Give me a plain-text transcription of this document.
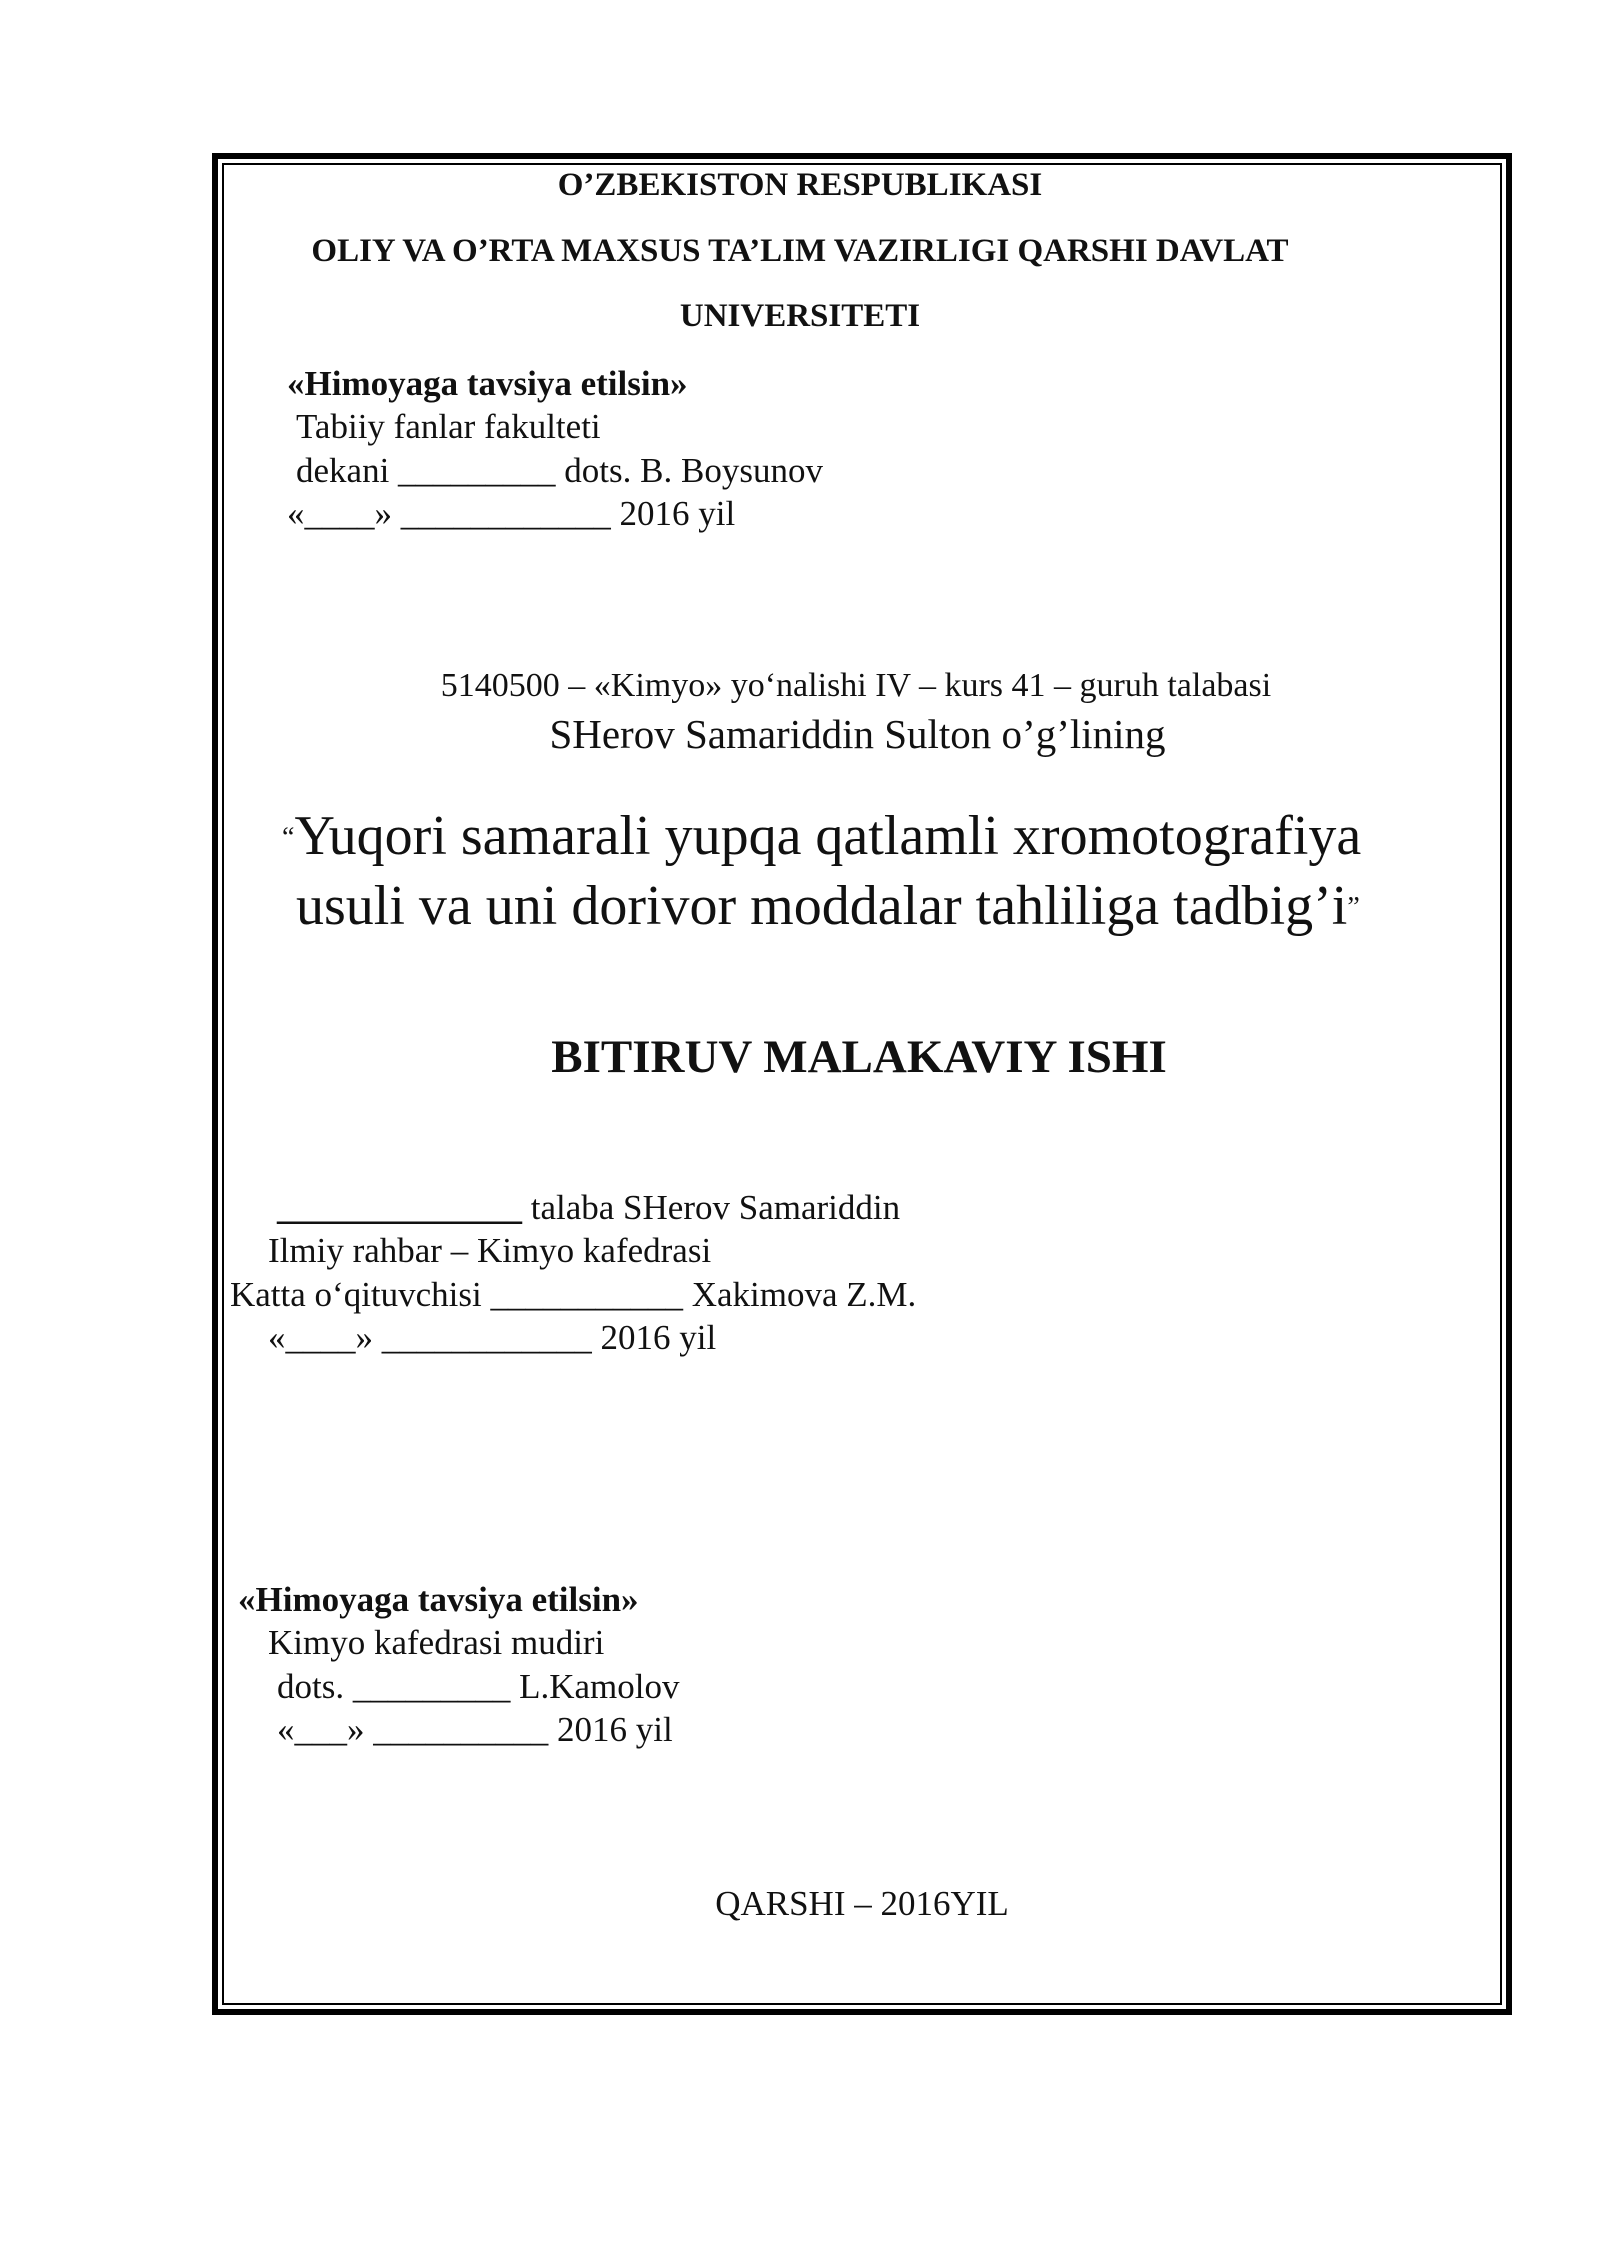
O’ZBEKISTON RESPUBLIKASI
OLIY VA O’RTA MAXSUS TA’LIM VAZIRLIGI QARSHI DAVLAT
UNIVERSITETI
«Himoyaga tavsiya etilsin»
Tabiiy fanlar fakulteti
dekani _________ dots. B. Boysunov
«____» ____________ 2016 yil
5140500 – «Kimyo» yo‘nalishi IV – kurs 41 – guruh talabasi
SHerov Samariddin Sulton o’g’lining
“Yuqori samarali yupqa qatlamli xromotografiya
usuli va uni dorivor moddalar tahliliga tadbig’i”
BITIRUV MALAKAVIY ISHI
______________ talaba SHerov Samariddin
Ilmiy rahbar – Kimyo kafedrasi
Katta o‘qituvchisi ___________ Xakimova Z.M.
«____» ____________ 2016 yil
«Himoyaga tavsiya etilsin»
Kimyo kafedrasi mudiri
dots. _________ L.Kamolov
«___» __________ 2016 yil
QARSHI – 2016YIL
